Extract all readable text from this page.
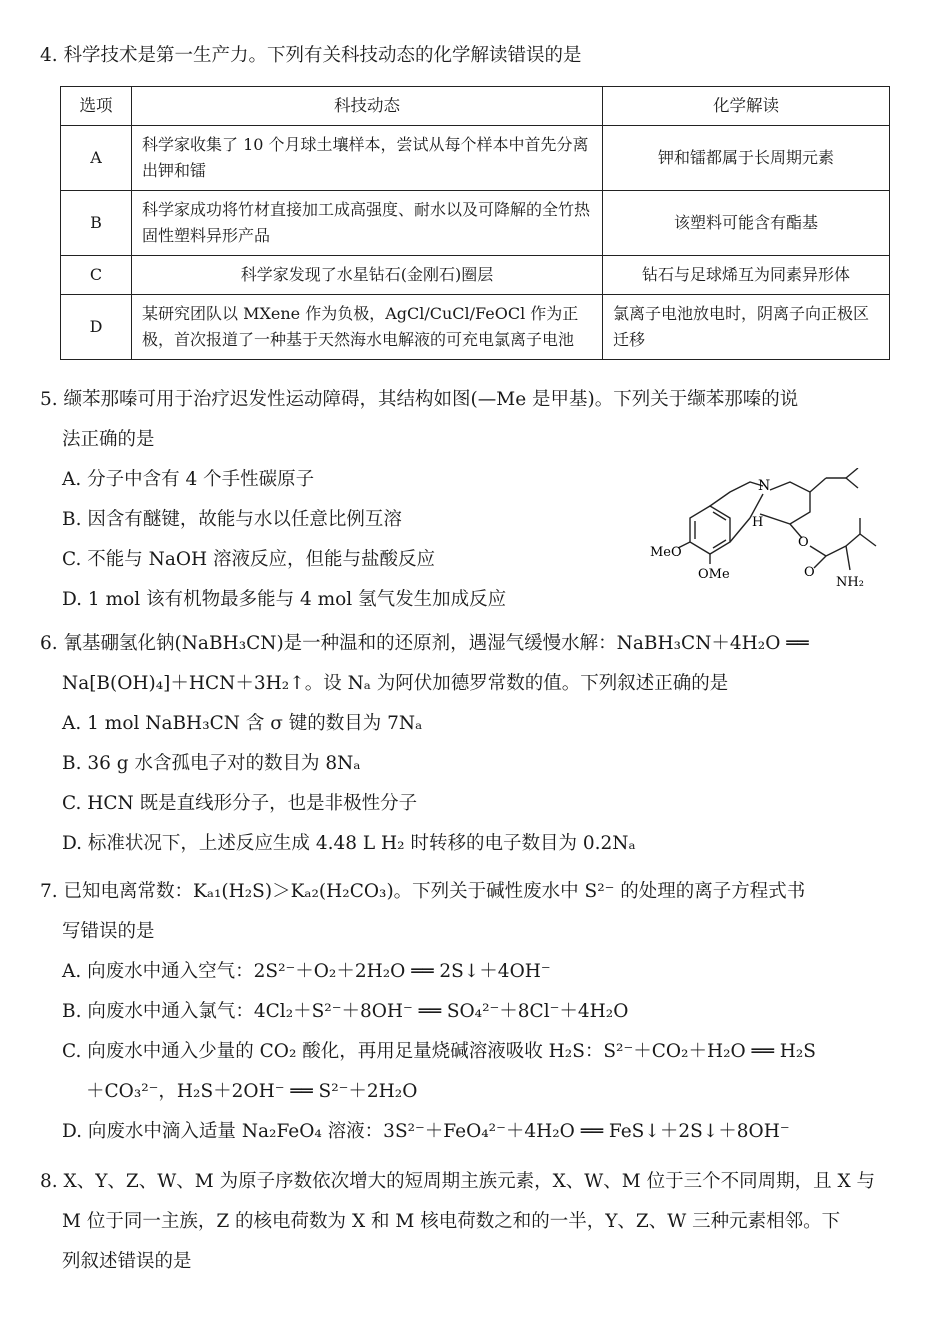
4. 科学技术是第一生产力。下列有关科技动态的化学解读错误的是
选项	科技动态	化学解读
A	科学家收集了 10 个月球土壤样本，尝试从每个样本中首先分离出钾和镭	钾和镭都属于长周期元素
B	科学家成功将竹材直接加工成高强度、耐水以及可降解的全竹热固性塑料异形产品	该塑料可能含有酯基
C	科学家发现了水星钻石(金刚石)圈层	钻石与足球烯互为同素异形体
D	某研究团队以 MXene 作为负极，AgCl/CuCl/FeOCl 作为正极，首次报道了一种基于天然海水电解液的可充电氯离子电池	氯离子电池放电时，阴离子向正极区迁移
5. 缬苯那嗪可用于治疗迟发性运动障碍，其结构如图(—Me 是甲基)。下列关于缬苯那嗪的说
法正确的是
A. 分子中含有 4 个手性碳原子
B. 因含有醚键，故能与水以任意比例互溶
C. 不能与 NaOH 溶液反应，但能与盐酸反应
D. 1 mol 该有机物最多能与 4 mol 氢气发生加成反应
N
H
O
MeO
OMe	O
NH₂
6. 氰基硼氢化钠(NaBH₃CN)是一种温和的还原剂，遇湿气缓慢水解：NaBH₃CN＋4H₂O ══
Na[B(OH)₄]＋HCN＋3H₂↑。设 Nₐ 为阿伏加德罗常数的值。下列叙述正确的是
A. 1 mol NaBH₃CN 含 σ 键的数目为 7Nₐ
B. 36 g 水含孤电子对的数目为 8Nₐ
C. HCN 既是直线形分子，也是非极性分子
D. 标准状况下，上述反应生成 4.48 L H₂ 时转移的电子数目为 0.2Nₐ
7. 已知电离常数：Kₐ₁(H₂S)＞Kₐ₂(H₂CO₃)。下列关于碱性废水中 S²⁻ 的处理的离子方程式书
写错误的是
A. 向废水中通入空气：2S²⁻＋O₂＋2H₂O ══ 2S↓＋4OH⁻
B. 向废水中通入氯气：4Cl₂＋S²⁻＋8OH⁻ ══ SO₄²⁻＋8Cl⁻＋4H₂O
C. 向废水中通入少量的 CO₂ 酸化，再用足量烧碱溶液吸收 H₂S：S²⁻＋CO₂＋H₂O ══ H₂S
＋CO₃²⁻，H₂S＋2OH⁻ ══ S²⁻＋2H₂O
D. 向废水中滴入适量 Na₂FeO₄ 溶液：3S²⁻＋FeO₄²⁻＋4H₂O ══ FeS↓＋2S↓＋8OH⁻
8. X、Y、Z、W、M 为原子序数依次增大的短周期主族元素，X、W、M 位于三个不同周期，且 X 与
M 位于同一主族，Z 的核电荷数为 X 和 M 核电荷数之和的一半，Y、Z、W 三种元素相邻。下
列叙述错误的是
